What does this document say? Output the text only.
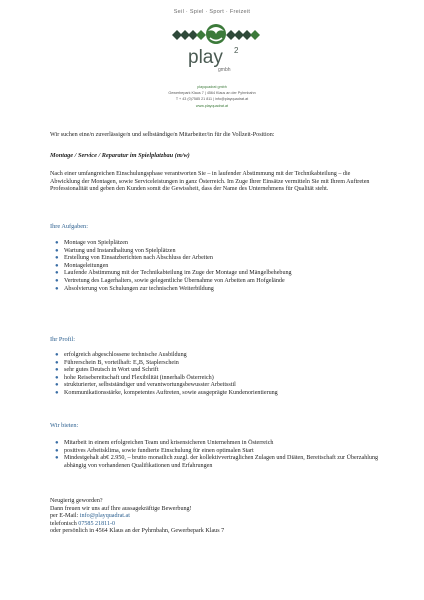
Seil · Spiel · Sport · Freizeit
play 2
gmbh
playquadrat gmbh
Gewerbepark Klaus 7 | 4564 Klaus an der Pyhrnbahn
T + 43 (0)7585 21 811 | info@playquadrat.at
www.playquadrat.at

Wir suchen eine/n zuverlässige/n und selbständige/n Mitarbeiter/in für die Vollzeit-Position:

Montage / Service / Reparatur im Spielplatzbau (m/w)

Nach einer umfangreichen Einschulungsphase verantworten Sie – in laufender Abstimmung mit der Technikabteilung – die Abwicklung der Montagen, sowie Serviceleistungen in ganz Österreich. Im Zuge Ihrer Einsätze vermitteln Sie mit Ihrem Auftreten Professionalität und geben den Kunden somit die Gewissheit, dass der Name des Unternehmens für Qualität steht.

Ihre Aufgaben:

● Montage von Spielplätzen
● Wartung und Instandhaltung von Spielplätzen
● Erstellung von Einsatzberichten nach Abschluss der Arbeiten
● Montageleitungen
● Laufende Abstimmung mit der Technikabteilung im Zuge der Montage und Mängelbehebung
● Vertretung des Lagerhalters, sowie gelegentliche Übernahme von Arbeiten am Hofgelände
● Absolvierung von Schulungen zur technischen Weiterbildung

Ihr Profil:

● erfolgreich abgeschlossene technische Ausbildung
● Führerschein B, vorteilhaft: E₂B, Staplerschein
● sehr gutes Deutsch in Wort und Schrift
● hohe Reisebereitschaft und Flexibilität (innerhalb Österreich)
● strukturierter, selbstständiger und verantwortungsbewusster Arbeitsstil
● Kommunikationsstärke, kompetentes Auftreten, sowie ausgeprägte Kundenorientierung

Wir bieten:

● Mitarbeit in einem erfolgreichen Team und krisensicheren Unternehmen in Österreich
● positives Arbeitsklima, sowie fundierte Einschulung für einen optimalen Start
● Mindestgehalt ab€ 2.950, – brutto monatlich zuzgl. der kollektivvertraglichen Zulagen und Diäten, Bereitschaft zur Überzahlung abhängig von vorhandenen Qualifikationen und Erfahrungen
Neugierig geworden?
Dann freuen wir uns auf Ihre aussagekräftige Bewerbung!
per E-Mail: info@playquadrat.at
telefonisch 07585 21811-0
oder persönlich in 4564 Klaus an der Pyhrnbahn, Gewerbepark Klaus 7
